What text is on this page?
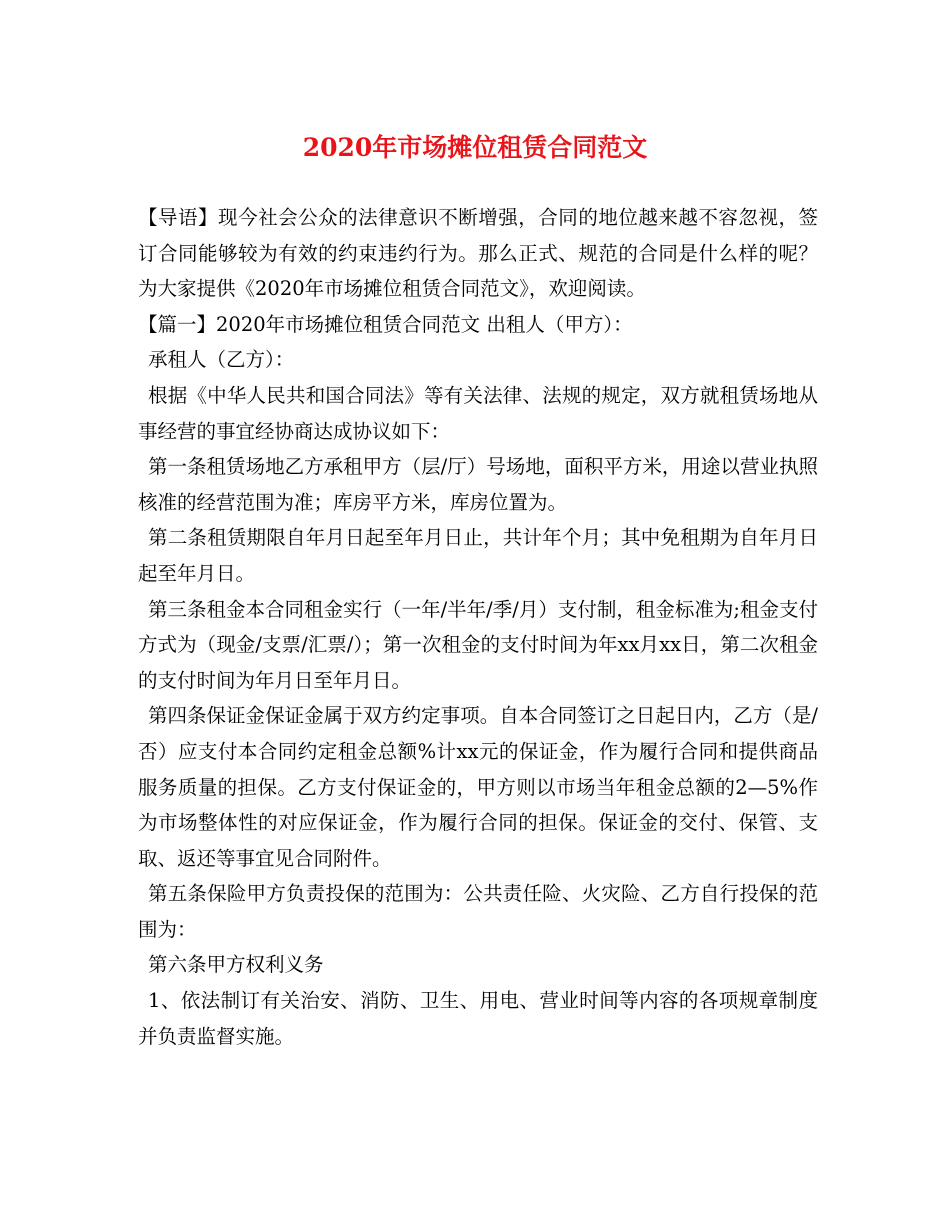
2020年市场摊位租赁合同范文

【导语】现今社会公众的法律意识不断增强，合同的地位越来越不容忽视，签订合同能够较为有效的约束违约行为。那么正式、规范的合同是什么样的呢？为大家提供《2020年市场摊位租赁合同范文》，欢迎阅读。

【篇一】2020年市场摊位租赁合同范文 出租人（甲方）：

承租人（乙方）：

根据《中华人民共和国合同法》等有关法律、法规的规定，双方就租赁场地从事经营的事宜经协商达成协议如下：

第一条租赁场地乙方承租甲方（层/厅）号场地，面积平方米，用途以营业执照核准的经营范围为准；库房平方米，库房位置为。

第二条租赁期限自年月日起至年月日止，共计年个月；其中免租期为自年月日起至年月日。

第三条租金本合同租金实行（一年/半年/季/月）支付制，租金标准为;租金支付方式为（现金/支票/汇票/）；第一次租金的支付时间为年xx月xx日，第二次租金的支付时间为年月日至年月日。

第四条保证金保证金属于双方约定事项。自本合同签订之日起日内，乙方（是/否）应支付本合同约定租金总额%计xx元的保证金，作为履行合同和提供商品服务质量的担保。乙方支付保证金的，甲方则以市场当年租金总额的2—5%作为市场整体性的对应保证金，作为履行合同的担保。保证金的交付、保管、支取、返还等事宜见合同附件。

第五条保险甲方负责投保的范围为：公共责任险、火灾险、乙方自行投保的范围为：

第六条甲方权利义务

1、依法制订有关治安、消防、卫生、用电、营业时间等内容的各项规章制度并负责监督实施。
